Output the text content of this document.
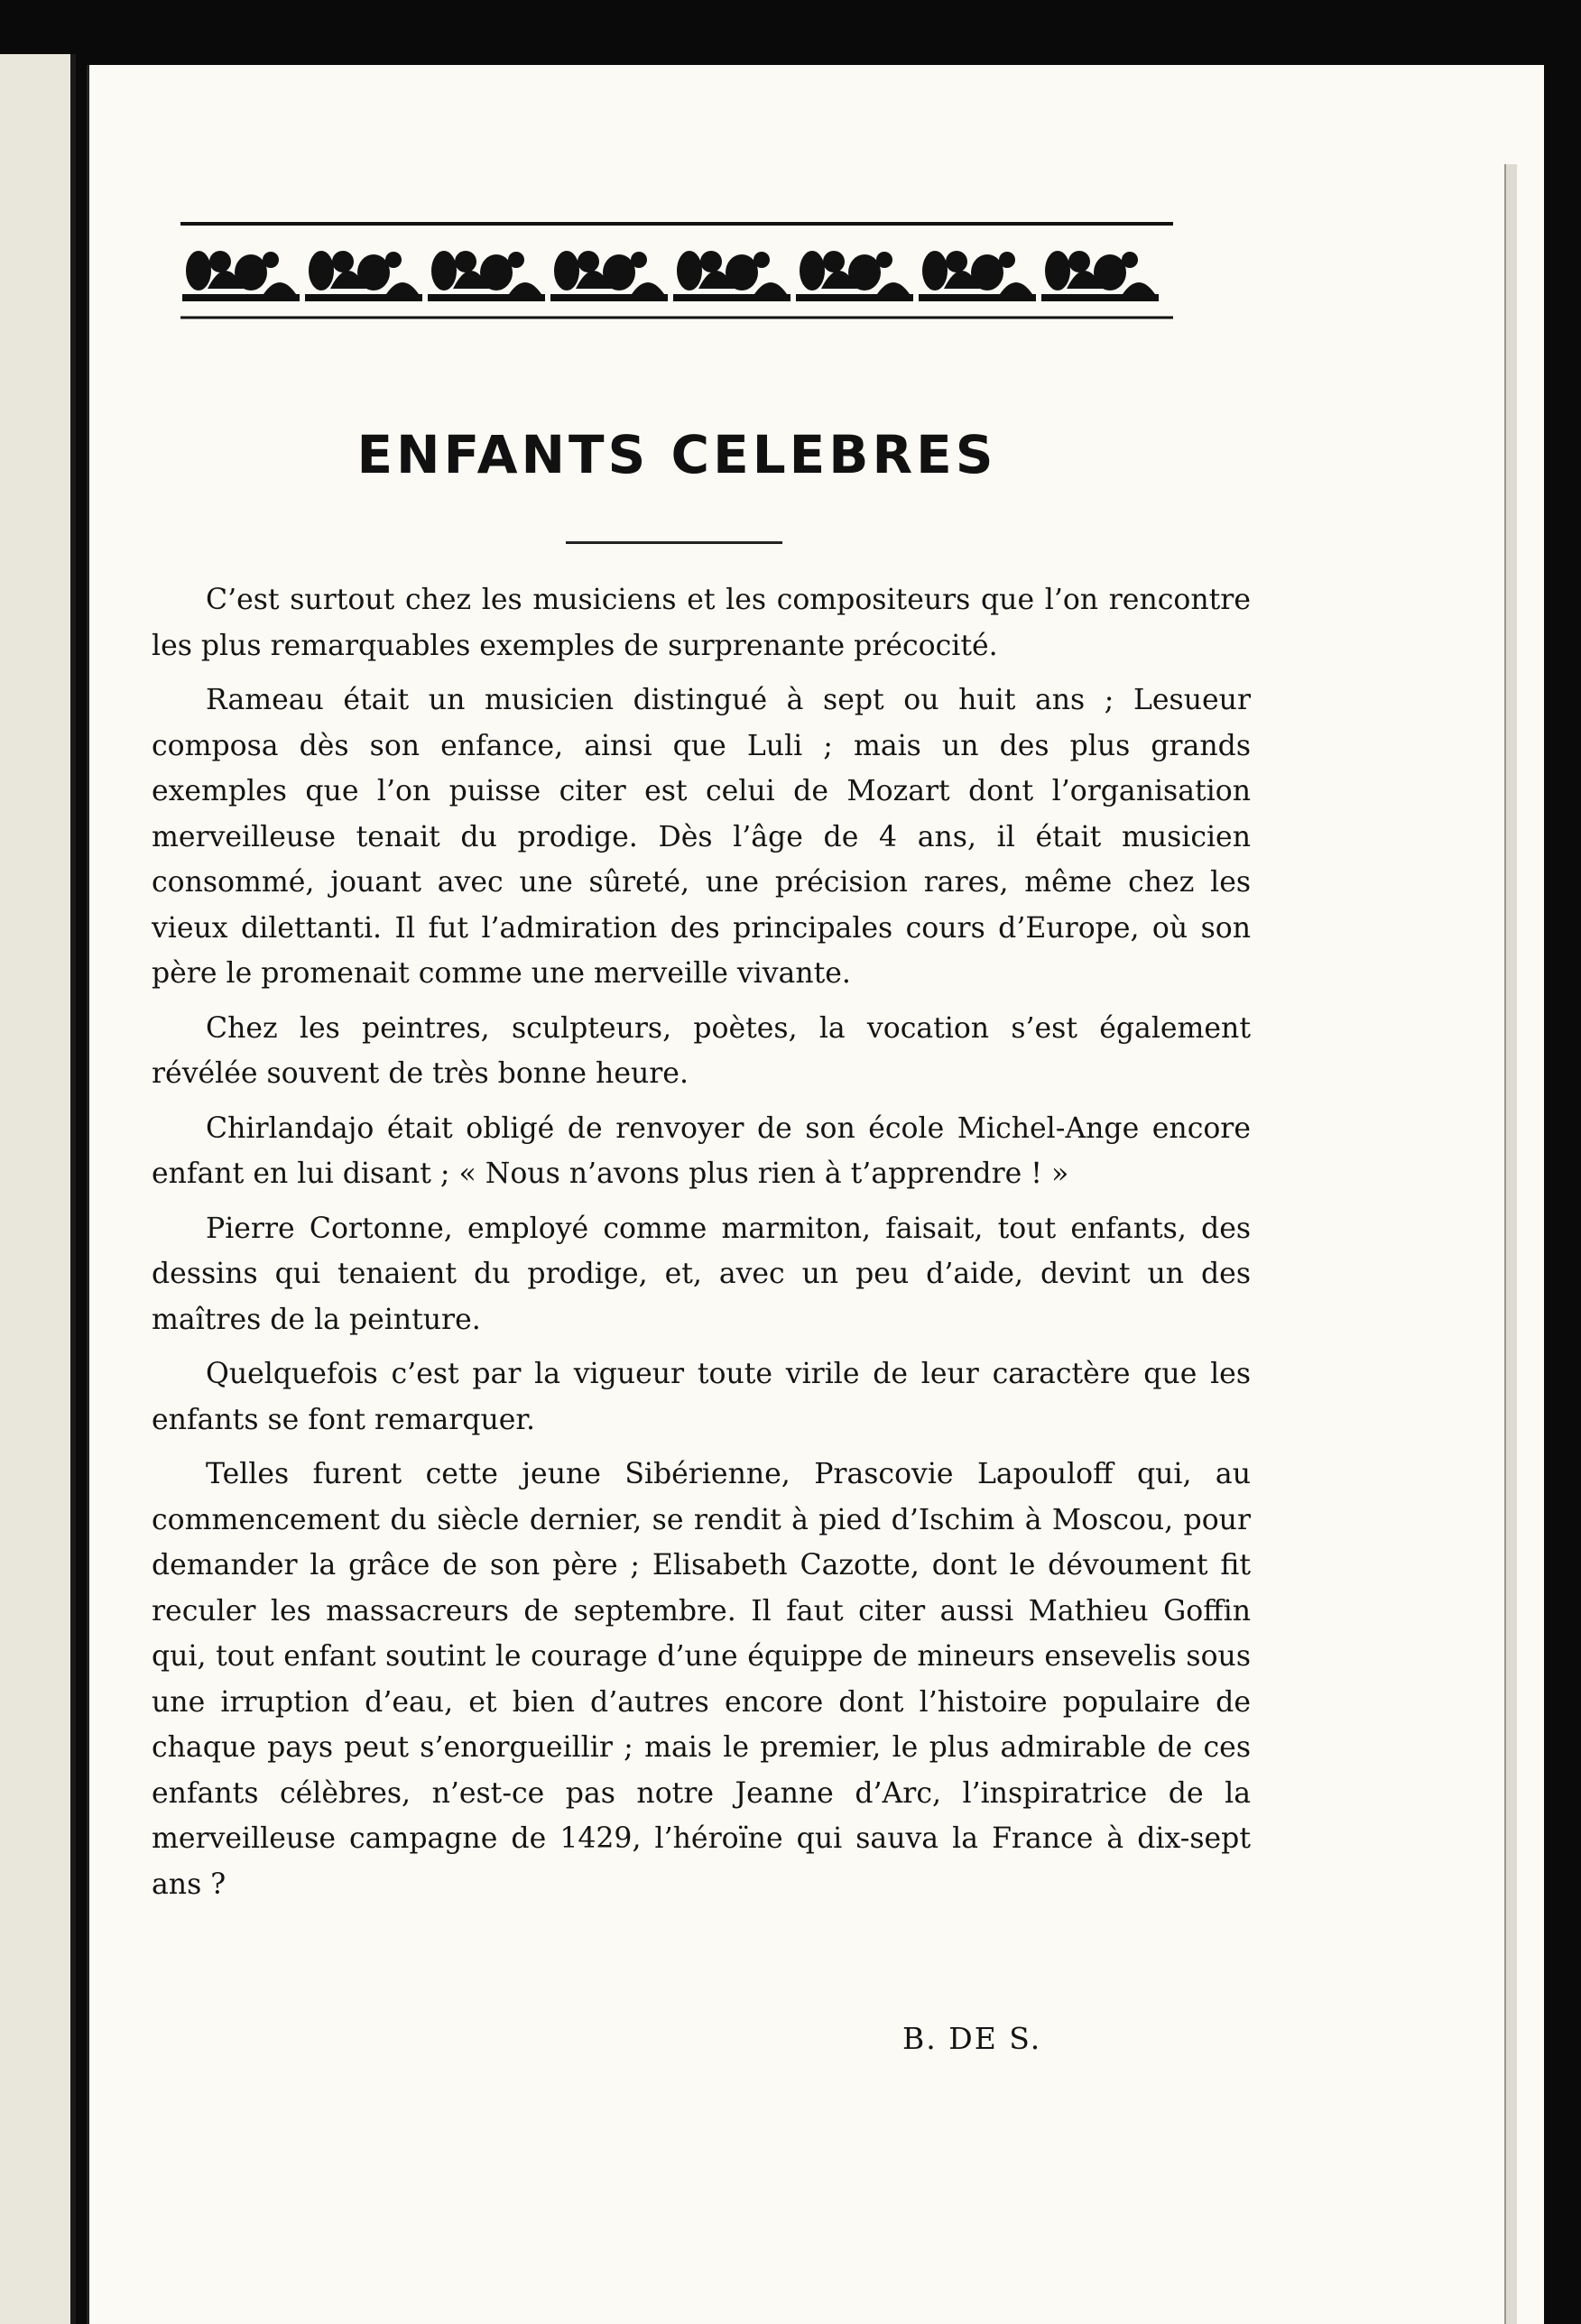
ENFANTS CELEBRES

C’est surtout chez les musiciens et les compositeurs que l’on rencontre les plus remarquables exemples de surprenante précocité.

Rameau était un musicien distingué à sept ou huit ans ; Lesueur composa dès son enfance, ainsi que Luli ; mais un des plus grands exemples que l’on puisse citer est celui de Mozart dont l’organisation merveilleuse tenait du prodige. Dès l’âge de 4 ans, il était musicien consommé, jouant avec une sûreté, une précision rares, même chez les vieux dilettanti. Il fut l’admiration des principales cours d’Europe, où son père le promenait comme une merveille vivante.

Chez les peintres, sculpteurs, poètes, la vocation s’est également révélée souvent de très bonne heure.

Chirlandajo était obligé de renvoyer de son école Michel-Ange encore enfant en lui disant ; « Nous n’avons plus rien à t’apprendre ! »

Pierre Cortonne, employé comme marmiton, faisait, tout enfants, des dessins qui tenaient du prodige, et, avec un peu d’aide, devint un des maîtres de la peinture.

Quelquefois c’est par la vigueur toute virile de leur caractère que les enfants se font remarquer.

Telles furent cette jeune Sibérienne, Prascovie Lapouloff qui, au commencement du siècle dernier, se rendit à pied d’Ischim à Moscou, pour demander la grâce de son père ; Elisabeth Cazotte, dont le dévoument fit reculer les massacreurs de septembre. Il faut citer aussi Mathieu Goffin qui, tout enfant soutint le courage d’une équippe de mineurs ensevelis sous une irruption d’eau, et bien d’autres encore dont l’histoire populaire de chaque pays peut s’enorgueillir ; mais le premier, le plus admirable de ces enfants célèbres, n’est-ce pas notre Jeanne d’Arc, l’inspiratrice de la merveilleuse campagne de 1429, l’héroïne qui sauva la France à dix-sept ans ?

B. DE S.
